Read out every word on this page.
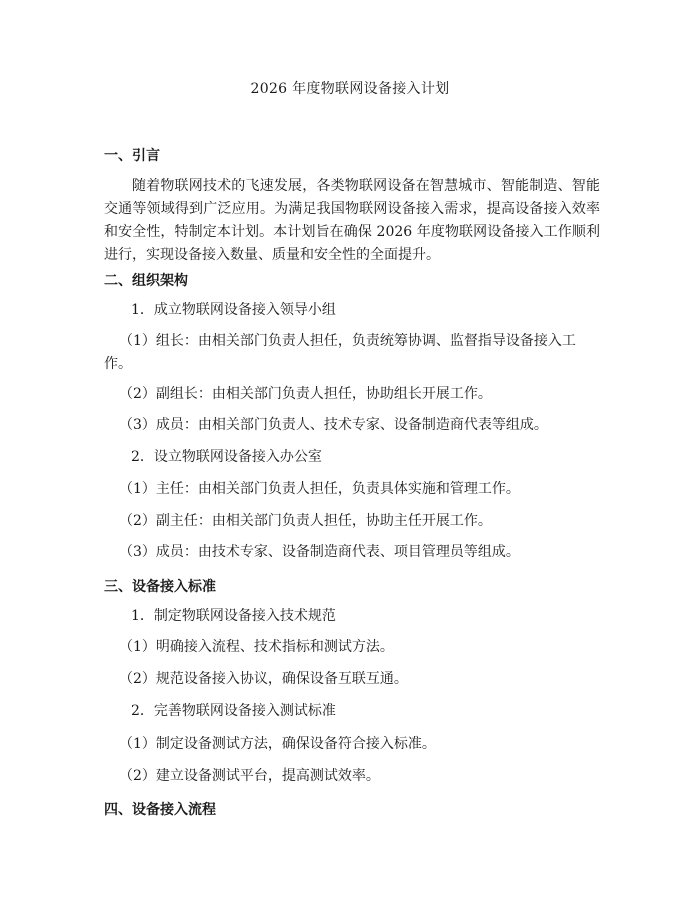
2026 年度物联网设备接入计划
一、引言
随着物联网技术的飞速发展，各类物联网设备在智慧城市、智能制造、智能交通等领域得到广泛应用。为满足我国物联网设备接入需求，提高设备接入效率和安全性，特制定本计划。本计划旨在确保 2026 年度物联网设备接入工作顺利进行，实现设备接入数量、质量和安全性的全面提升。
二、组织架构
1．成立物联网设备接入领导小组
（1）组长：由相关部门负责人担任，负责统筹协调、监督指导设备接入工作。
（2）副组长：由相关部门负责人担任，协助组长开展工作。
（3）成员：由相关部门负责人、技术专家、设备制造商代表等组成。
2．设立物联网设备接入办公室
（1）主任：由相关部门负责人担任，负责具体实施和管理工作。
（2）副主任：由相关部门负责人担任，协助主任开展工作。
（3）成员：由技术专家、设备制造商代表、项目管理员等组成。
三、设备接入标准
1．制定物联网设备接入技术规范
（1）明确接入流程、技术指标和测试方法。
（2）规范设备接入协议，确保设备互联互通。
2．完善物联网设备接入测试标准
（1）制定设备测试方法，确保设备符合接入标准。
（2）建立设备测试平台，提高测试效率。
四、设备接入流程
